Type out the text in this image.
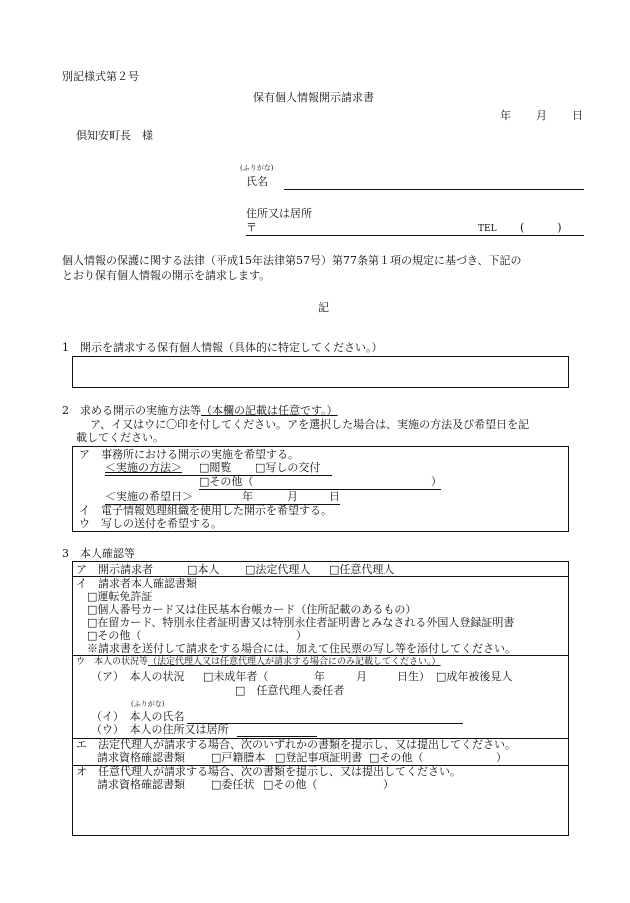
別記様式第２号
保有個人情報開示請求書
年 月 日
倶知安町長　様
(ふりがな)
氏名
住所又は居所
〒	TEL (　　　)
個人情報の保護に関する法律（平成15年法律第57号）第77条第１項の規定に基づき、下記の
とおり保有個人情報の開示を請求します。
記
1　開示を請求する保有個人情報（具体的に特定してください。）
2　求める開示の実施方法等（本欄の記載は任意です。）
ア、イ又はウに〇印を付してください。アを選択した場合は、実施の方法及び希望日を記
載してください。
ア　事務所における開示の実施を希望する。
＜実施の方法＞ □閲覧 □写しの交付
□その他（	）
＜実施の希望日＞	年	月	日
イ　電子情報処理組織を使用した開示を希望する。
ウ　写しの送付を希望する。
3　本人確認等
ア　開示請求者	□本人 □法定代理人 □任意代理人
イ　請求者本人確認書類
□運転免許証
□個人番号カード又は住民基本台帳カード（住所記載のあるもの）
□在留カード、特別永住者証明書又は特別永住者証明書とみなされる外国人登録証明書
□その他（	）
※請求書を送付して請求をする場合には、加えて住民票の写し等を添付してください。
ウ　本人の状況等（法定代理人又は任意代理人が請求する場合にのみ記載してください。）
（ア）　本人の状況 □未成年者（	年	月	日生） □成年被後見人
□　任意代理人委任者
(ふりがな)
（イ）　本人の氏名
（ウ）　本人の住所又は居所
エ　法定代理人が請求する場合、次のいずれかの書類を提示し、又は提出してください。
請求資格確認書類 □戸籍謄本 □登記事項証明書 □その他（	）
オ　任意代理人が請求する場合、次の書類を提示し、又は提出してください。
請求資格確認書類 □委任状 □その他（	）
